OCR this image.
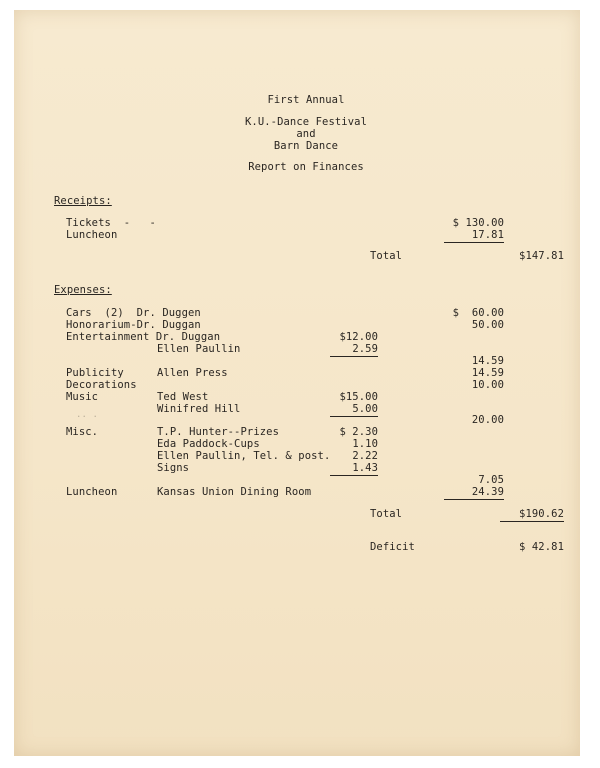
First Annual
K.U.-Dance Festival
and
Barn Dance
Report on Finances
Receipts:
Tickets  -   -	$ 130.00
Luncheon	17.81
Total	$147.81
Expenses:
Cars  (2)  Dr. Duggen	$  60.00
Honorarium-Dr. Duggan	50.00
Entertainment Dr. Duggan	$12.00
Ellen Paullin	2.59
14.59
Publicity	Allen Press	14.59
Decorations	10.00
Music	Ted West	$15.00
Winifred Hill	5.00
20.00
.. .
Misc.	T.P. Hunter--Prizes	$ 2.30
Eda Paddock-Cups	1.10
Ellen Paullin, Tel. & post.	2.22
Signs	1.43
7.05
Luncheon	Kansas Union Dining Room	24.39
Total	$190.62
Deficit	$ 42.81
